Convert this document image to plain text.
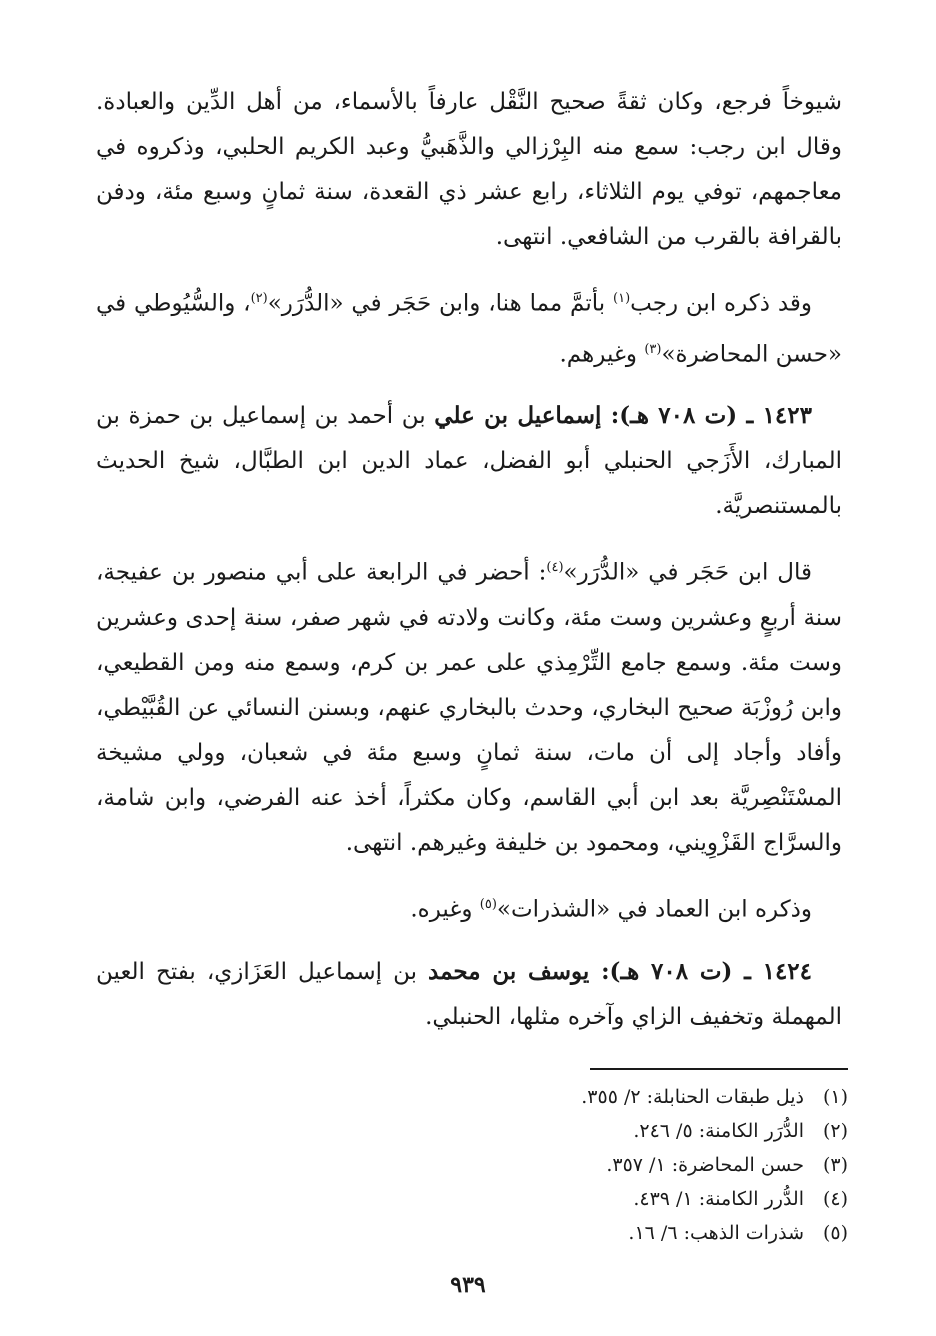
شيوخاً فرجع، وكان ثقةً صحيح النَّقْل عارفاً بالأسماء، من أهل الدِّين والعبادة. وقال ابن رجب: سمع منه البِرْزالي والذَّهَبيُّ وعبد الكريم الحلبي، وذكروه في معاجمهم، توفي يوم الثلاثاء، رابع عشر ذي القعدة، سنة ثمانٍ وسبع مئة، ودفن بالقرافة بالقرب من الشافعي. انتهى.

وقد ذكره ابن رجب$^{(١)}$ بأتمَّ مما هنا، وابن حَجَر في «الدُّرَر»$^{(٢)}$، والسُّيُوطي في «حسن المحاضرة»$^{(٣)}$ وغيرهم.

١٤٢٣ ـ (ت ٧٠٨ هـ): إسماعيل بن علي بن أحمد بن إسماعيل بن حمزة بن المبارك، الأَزَجي الحنبلي أبو الفضل، عماد الدين ابن الطبَّال، شيخ الحديث بالمستنصريَّة.

قال ابن حَجَر في «الدُّرَر»$^{(٤)}$: أحضر في الرابعة على أبي منصور بن عفيجة، سنة أربعٍ وعشرين وست مئة، وكانت ولادته في شهر صفر، سنة إحدى وعشرين وست مئة. وسمع جامع التِّرْمِذي على عمر بن كرم، وسمع منه ومن القطيعي، وابن رُوزْبَة صحيح البخاري، وحدث بالبخاري عنهم، وبسنن النسائي عن القُبَّيْطي، وأفاد وأجاد إلى أن مات، سنة ثمانٍ وسبع مئة في شعبان، وولي مشيخة المسْتَنْصِريَّة بعد ابن أبي القاسم، وكان مكثراً، أخذ عنه الفرضي، وابن شامة، والسرَّاج القَزْوِيني، ومحمود بن خليفة وغيرهم. انتهى.

وذكره ابن العماد في «الشذرات»$^{(٥)}$ وغيره.

١٤٢٤ ـ (ت ٧٠٨ هـ): يوسف بن محمد بن إسماعيل العَزَازي، بفتح العين المهملة وتخفيف الزاي وآخره مثلها، الحنبلي.

(١)
ذيل طبقات الحنابلة: ٢/ ٣٥٥.
(٢)
الدُّرَر الكامنة: ٥/ ٢٤٦.
(٣)
حسن المحاضرة: ١/ ٣٥٧.
(٤)
الدُّرر الكامنة: ١/ ٤٣٩.
(٥)
شذرات الذهب: ٦/ ١٦.
٩٣٩
